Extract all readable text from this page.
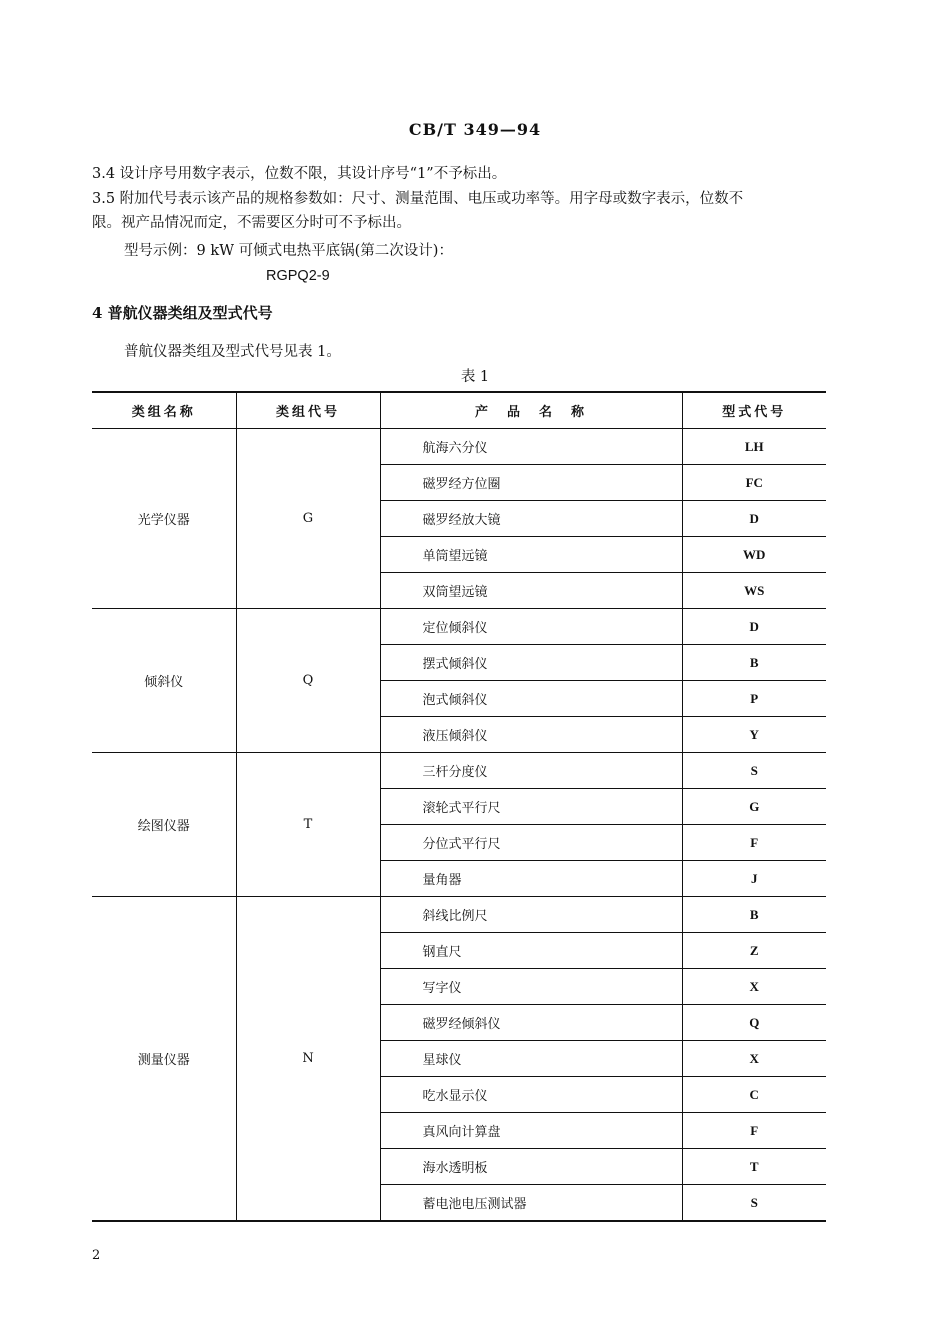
CB/T 349—94
3.4 设计序号用数字表示，位数不限，其设计序号“1”不予标出。
3.5 附加代号表示该产品的规格参数如：尺寸、测量范围、电压或功率等。用字母或数字表示，位数不
限。视产品情况而定，不需要区分时可不予标出。
型号示例：9 kW 可倾式电热平底锅(第二次设计)：
RGPQ2-9
4 普航仪器类组及型式代号
普航仪器类组及型式代号见表 1。
表 1
类组名称	类组代号	产　品　名　称	型式代号
光学仪器	G	航海六分仪	LH
		磁罗经方位圈	FC
		磁罗经放大镜	D
		单筒望远镜	WD
		双筒望远镜	WS
倾斜仪	Q	定位倾斜仪	D
		摆式倾斜仪	B
		泡式倾斜仪	P
		液压倾斜仪	Y
绘图仪器	T	三杆分度仪	S
		滚轮式平行尺	G
		分位式平行尺	F
		量角器	J
测量仪器	N	斜线比例尺	B
		钢直尺	Z
		写字仪	X
		磁罗经倾斜仪	Q
		星球仪	X
		吃水显示仪	C
		真风向计算盘	F
		海水透明板	T
		蓄电池电压测试器	S
2
